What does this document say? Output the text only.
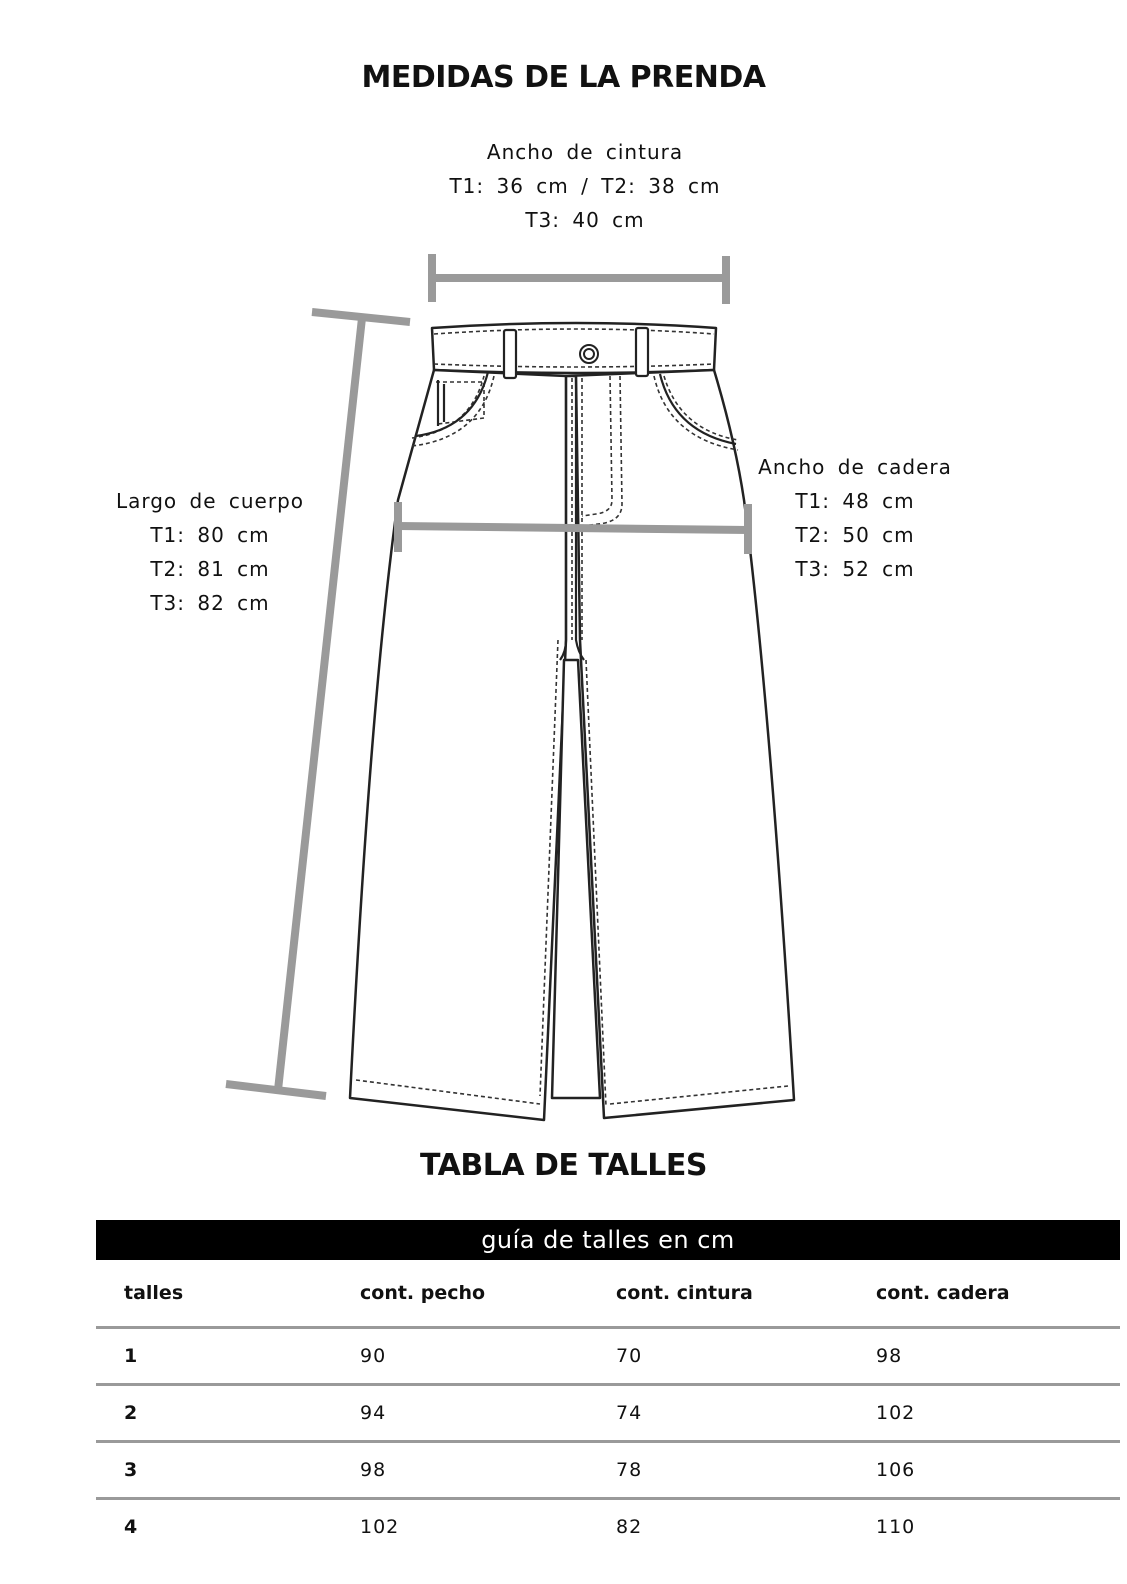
MEDIDAS DE LA PRENDA
Ancho de cintura
T1: 36 cm / T2: 38 cm
T3: 40 cm
Largo de cuerpo
T1: 80 cm
T2: 81 cm
T3: 82 cm
Ancho de cadera
T1: 48 cm
T2: 50 cm
T3: 52 cm
TABLA DE TALLES
guía de talles en cm
talles	cont. pecho	cont. cintura	cont. cadera
1	90	70	98
2	94	74	102
3	98	78	106
4	102	82	110
